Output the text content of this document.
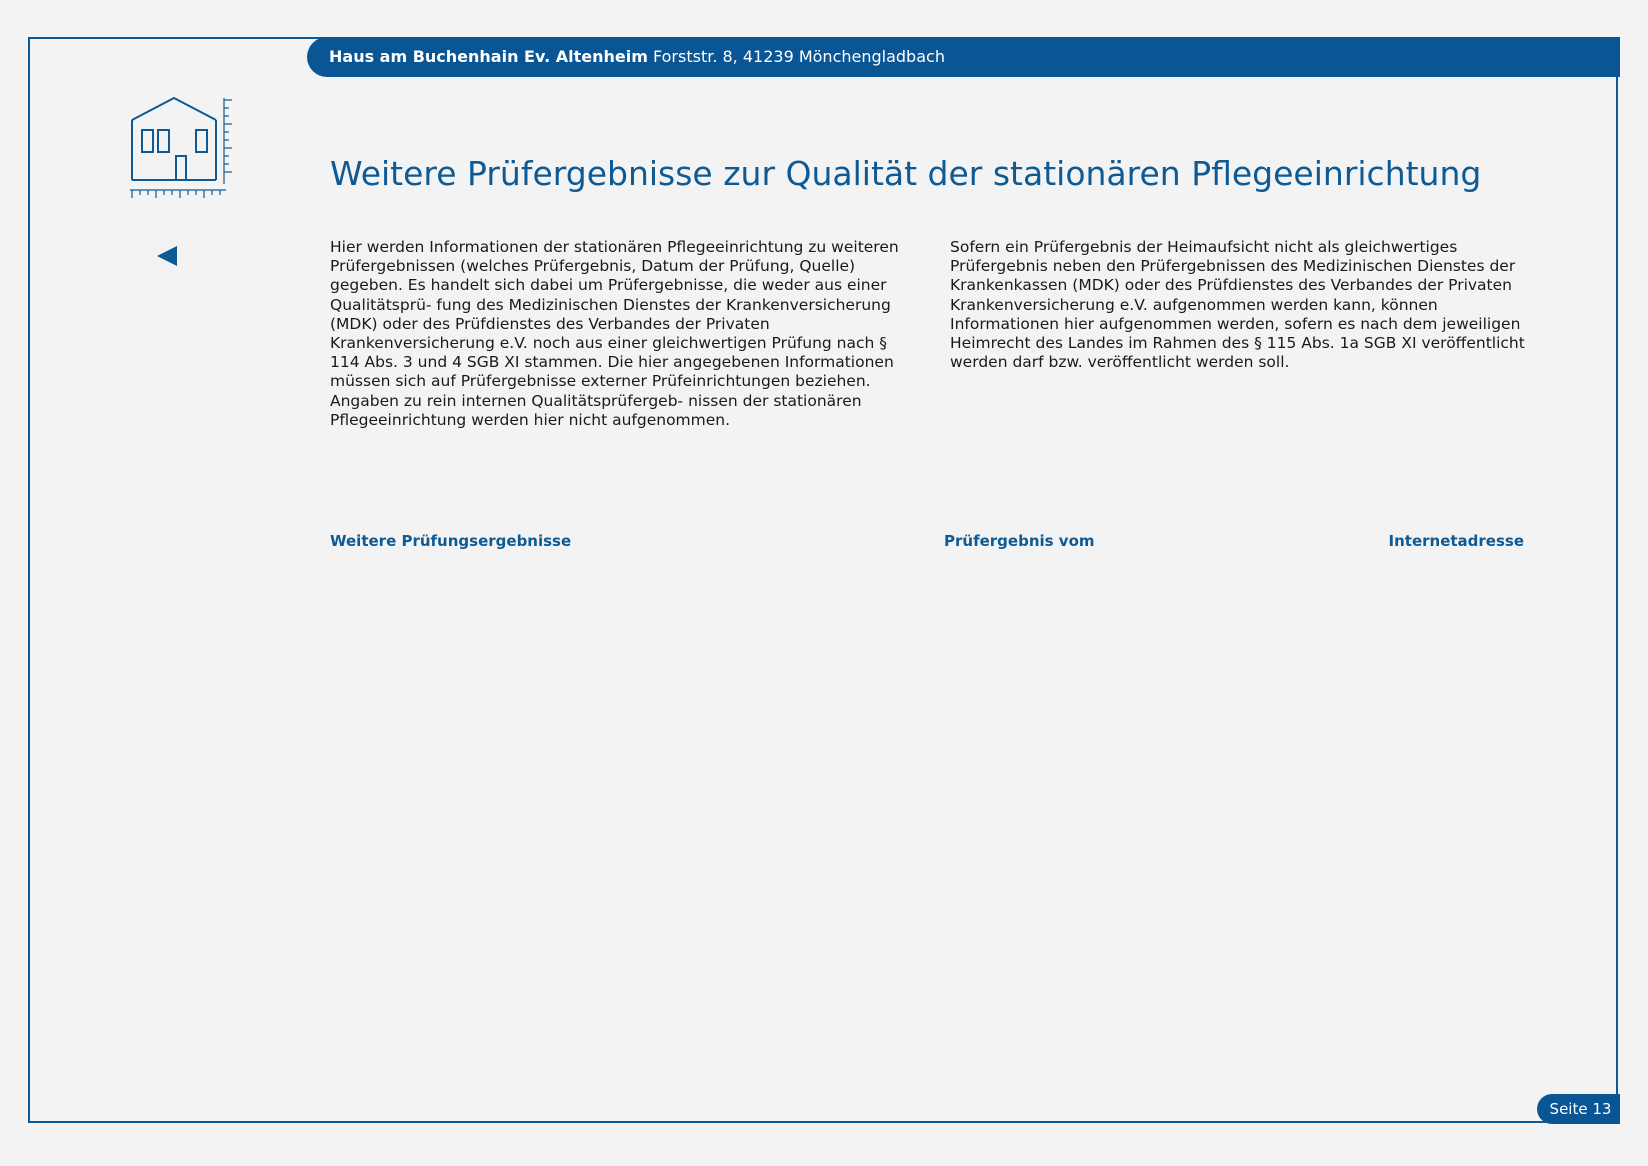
Haus am Buchenhain Ev. Altenheim Forststr. 8, 41239 Mönchengladbach
Weitere Prüfergebnisse zur Qualität der stationären Pflegeeinrichtung

Hier werden Informationen der stationären Pflegeeinrichtung zu weiteren Prüfergebnissen (welches Prüfergebnis, Datum der Prüfung, Quelle) gegeben. Es handelt sich dabei um Prüfergebnisse, die weder aus einer Qualitätsprü- fung des Medizinischen Dienstes der Krankenversicherung (MDK) oder des Prüfdienstes des Verbandes der Privaten Krankenversicherung e.V. noch aus einer gleichwertigen Prüfung nach § 114 Abs. 3 und 4 SGB XI stammen. Die hier angegebenen Informationen müssen sich auf Prüfergebnisse externer Prüfeinrichtungen beziehen. Angaben zu rein internen Qualitätsprüfergeb- nissen der stationären Pflegeeinrichtung werden hier nicht aufgenommen.

Sofern ein Prüfergebnis der Heimaufsicht nicht als gleichwertiges Prüfergebnis neben den Prüfergebnissen des Medizinischen Dienstes der Krankenkassen (MDK) oder des Prüfdienstes des Verbandes der Privaten Krankenversicherung e.V. aufgenommen werden kann, können Informationen hier aufgenommen werden, sofern es nach dem jeweiligen Heimrecht des Landes im Rahmen des § 115 Abs. 1a SGB XI veröffentlicht werden darf bzw. veröffentlicht werden soll.

Weitere Prüfungsergebnisse	Prüfergebnis vom	Internetadresse
Seite 13
